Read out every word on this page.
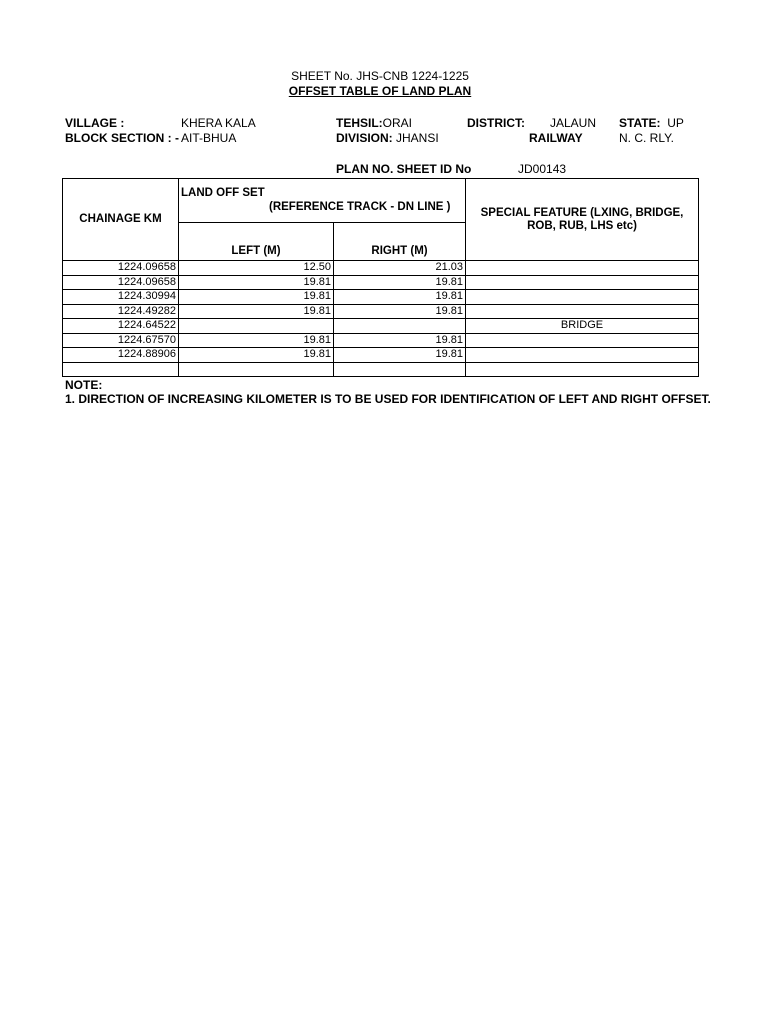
SHEET No. JHS-CNB 1224-1225
OFFSET TABLE OF LAND PLAN
VILLAGE :	KHERA KALA
BLOCK SECTION : - AIT-BHUA
TEHSIL:ORAI
DIVISION: JHANSI
DISTRICT: JALAUN
RAILWAY
STATE: UP
N. C. RLY.
PLAN NO. SHEET ID No	JD00143
CHAINAGE KM	LAND OFF SET
(REFERENCE TRACK - DN LINE )		SPECIAL FEATURE (LXING, BRIDGE, ROB, RUB, LHS etc)
	LEFT (M)	RIGHT (M)	
1224.09658	12.50	21.03	
1224.09658	19.81	19.81	
1224.30994	19.81	19.81	
1224.49282	19.81	19.81	
1224.64522			BRIDGE
1224.67570	19.81	19.81	
1224.88906	19.81	19.81	

NOTE:
1. DIRECTION OF INCREASING KILOMETER IS TO BE USED FOR IDENTIFICATION OF LEFT AND RIGHT OFFSET.
